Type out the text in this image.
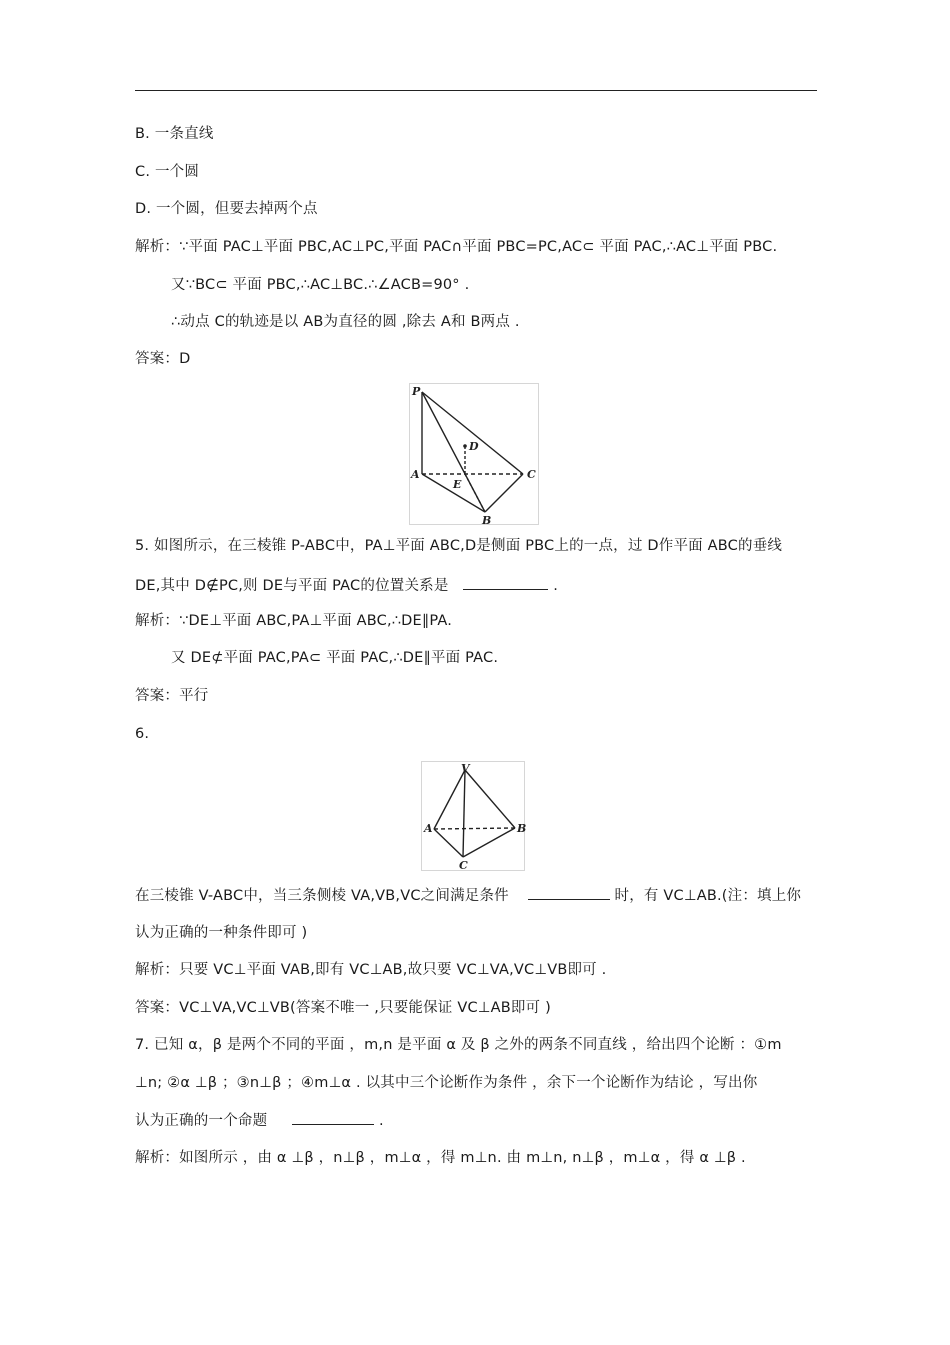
B. 一条直线
C. 一个圆
D. 一个圆，但要去掉两个点
解析：∵平面 PAC⊥平面 PBC,AC⊥PC,平面 PAC∩平面 PBC=PC,AC⊂ 平面 PAC,∴AC⊥平面 PBC.
又∵BC⊂ 平面 PBC,∴AC⊥BC.∴∠ACB=90° .
∴动点 C的轨迹是以 AB为直径的圆 ,除去 A和 B两点 .
答案：D
P
D
A
E
C
B
5. 如图所示，在三棱锥 P-ABC中，PA⊥平面 ABC,D是侧面 PBC上的一点，过 D作平面 ABC的垂线
DE,其中 D∉PC,则 DE与平面 PAC的位置关系是	.
解析：∵DE⊥平面 ABC,PA⊥平面 ABC,∴DE∥PA.
又 DE⊄平面 PAC,PA⊂ 平面 PAC,∴DE∥平面 PAC.
答案：平行
6.
V
A	B
C
在三棱锥 V-ABC中，当三条侧棱 VA,VB,VC之间满足条件	时，有 VC⊥AB.(注：填上你
认为正确的一种条件即可 )
解析：只要 VC⊥平面 VAB,即有 VC⊥AB,故只要 VC⊥VA,VC⊥VB即可 .
答案：VC⊥VA,VC⊥VB(答案不唯一 ,只要能保证 VC⊥AB即可 )
7. 已知 α，β 是两个不同的平面 ，m,n 是平面 α 及 β 之外的两条不同直线 ，给出四个论断 ：①m
⊥n; ②α ⊥β ；③n⊥β ；④m⊥α . 以其中三个论断作为条件 ，余下一个论断作为结论 ，写出你
认为正确的一个命题	.
解析：如图所示 ，由 α ⊥β ，n⊥β ，m⊥α ，得 m⊥n. 由 m⊥n, n⊥β ，m⊥α ，得 α ⊥β .
